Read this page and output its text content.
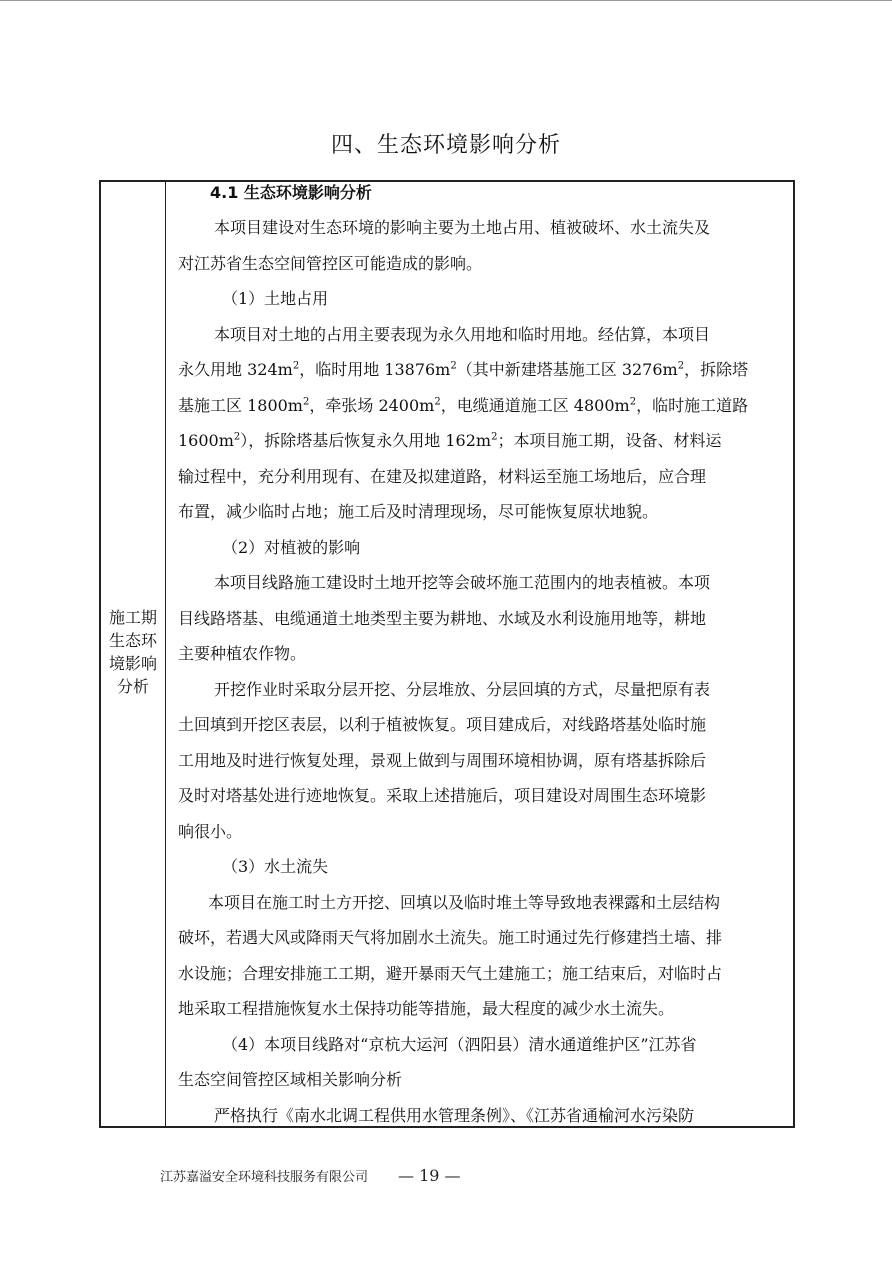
四、生态环境影响分析
施工期
生态环
境影响
分析
4.1 生态环境影响分析
本项目建设对生态环境的影响主要为土地占用、植被破坏、水土流失及
对江苏省生态空间管控区可能造成的影响。
（1）土地占用
本项目对土地的占用主要表现为永久用地和临时用地。经估算，本项目
永久用地 $324m^2$，临时用地 $13876m^2$（其中新建塔基施工区 $3276m^2$，拆除塔
基施工区 $1800m^2$，牵张场 $2400m^2$，电缆通道施工区 $4800m^2$，临时施工道路
$1600m^2$），拆除塔基后恢复永久用地 $162m^2$；本项目施工期，设备、材料运
输过程中，充分利用现有、在建及拟建道路，材料运至施工场地后，应合理
布置，减少临时占地；施工后及时清理现场，尽可能恢复原状地貌。
（2）对植被的影响
本项目线路施工建设时土地开挖等会破坏施工范围内的地表植被。本项
目线路塔基、电缆通道土地类型主要为耕地、水域及水利设施用地等，耕地
主要种植农作物。
开挖作业时采取分层开挖、分层堆放、分层回填的方式，尽量把原有表
土回填到开挖区表层，以利于植被恢复。项目建成后，对线路塔基处临时施
工用地及时进行恢复处理，景观上做到与周围环境相协调，原有塔基拆除后
及时对塔基处进行迹地恢复。采取上述措施后，项目建设对周围生态环境影
响很小。
（3）水土流失
本项目在施工时土方开挖、回填以及临时堆土等导致地表裸露和土层结构
破坏，若遇大风或降雨天气将加剧水土流失。施工时通过先行修建挡土墙、排
水设施；合理安排施工工期，避开暴雨天气土建施工；施工结束后，对临时占
地采取工程措施恢复水土保持功能等措施，最大程度的减少水土流失。
（4）本项目线路对“京杭大运河（泗阳县）清水通道维护区”江苏省
生态空间管控区域相关影响分析
严格执行《南水北调工程供用水管理条例》、《江苏省通榆河水污染防
江苏嘉溢安全环境科技服务有限公司 — 19 —
